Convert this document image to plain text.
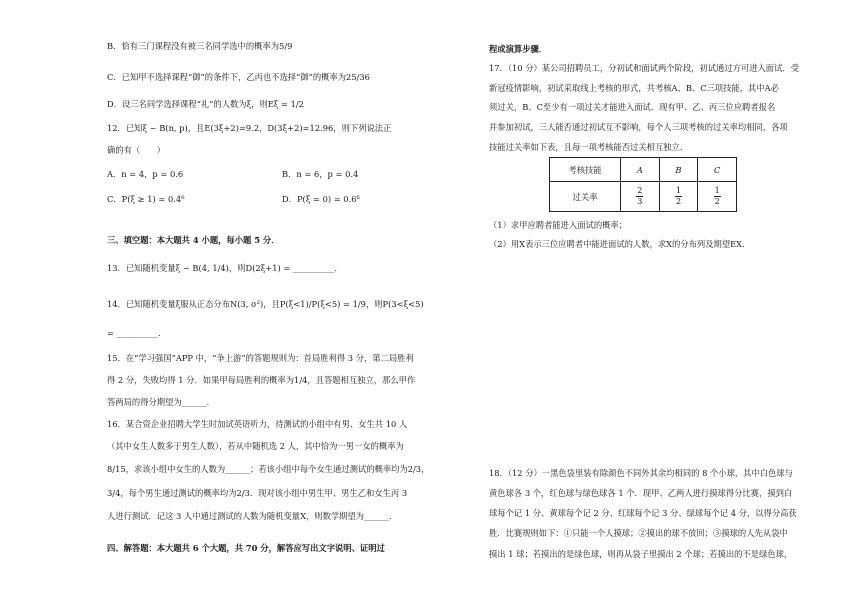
B．恰有三门课程没有被三名同学选中的概率为5/9
C．已知甲不选择课程“御”的条件下，乙丙也不选择“御”的概率为25/36
D．设三名同学选择课程“礼”的人数为ξ，则Eξ = 1/2
12．已知ξ ~ B(n, p)，且E(3ξ+2)=9.2，D(3ξ+2)=12.96，则下列说法正
确的有（　　）
A．n = 4，p = 0.6	B．n = 6，p = 0.4
C．P(ξ ≥ 1) = 0.4⁶	D．P(ξ = 0) = 0.6⁶
三、填空题：本大题共 4 小题，每小题 5 分．
13．已知随机变量ξ ~ B(4, 1/4)，则D(2ξ+1) = __________．
14．已知随机变量ξ服从正态分布N(3, σ²)，且P(ξ<1)/P(ξ<5) = 1/9，则P(3<ξ<5)
= __________．
15．在“学习强国”APP 中，“争上游”的答题规则为：首局胜利得 3 分，第二局胜利
得 2 分，失败均得 1 分．如果甲每局胜利的概率为1/4，且答题相互独立，那么甲作
答两局的得分期望为______．
16．某合资企业招聘大学生时加试英语听力，待测试的小组中有男、女生共 10 人
（其中女生人数多于男生人数），若从中随机选 2 人，其中恰为一男一女的概率为
8/15，求该小组中女生的人数为______；若该小组中每个女生通过测试的概率均为2/3，
3/4，每个男生通过测试的概率均为2/3．现对该小组中男生甲、男生乙和女生丙 3
人进行测试．记这 3 人中通过测试的人数为随机变量X，则数学期望为______．
四、解答题：本大题共 6 个大题，共 70 分，解答应写出文字说明、证明过
程或演算步骤．
17．（10 分）某公司招聘员工，分初试和面试两个阶段，初试通过方可进入面试．受
新冠疫情影响，初试采取线上考核的形式，共考核A、B、C三项技能，其中A必
须过关，B、C至少有一项过关才能进入面试．现有甲、乙、丙三位应聘者报名
并参加初试，三人能否通过初试互不影响，每个人三项考核的过关率均相同，各项
技能过关率如下表，且每一项考核能否过关相互独立．
考核技能	A	B	C
过关率	$\frac{2}{3}$	$\frac{1}{2}$	$\frac{1}{2}$
（1）求甲应聘者能进入面试的概率；
（2）用X表示三位应聘者中能进面试的人数，求X的分布列及期望EX．
18．（12 分）一黑色袋里装有除颜色不同外其余均相同的 8 个小球，其中白色球与
黄色球各 3 个，红色球与绿色球各 1 个．现甲、乙两人进行摸球得分比赛，摸到白
球每个记 1 分、黄球每个记 2 分、红球每个记 3 分、绿球每个记 4 分，以得分高获
胜．比赛规则如下：①只能一个人摸球；②摸出的球不放回；③摸球的人先从袋中
摸出 1 球；若摸出的是绿色球，则再从袋子里摸出 2 个球；若摸出的不是绿色球，
